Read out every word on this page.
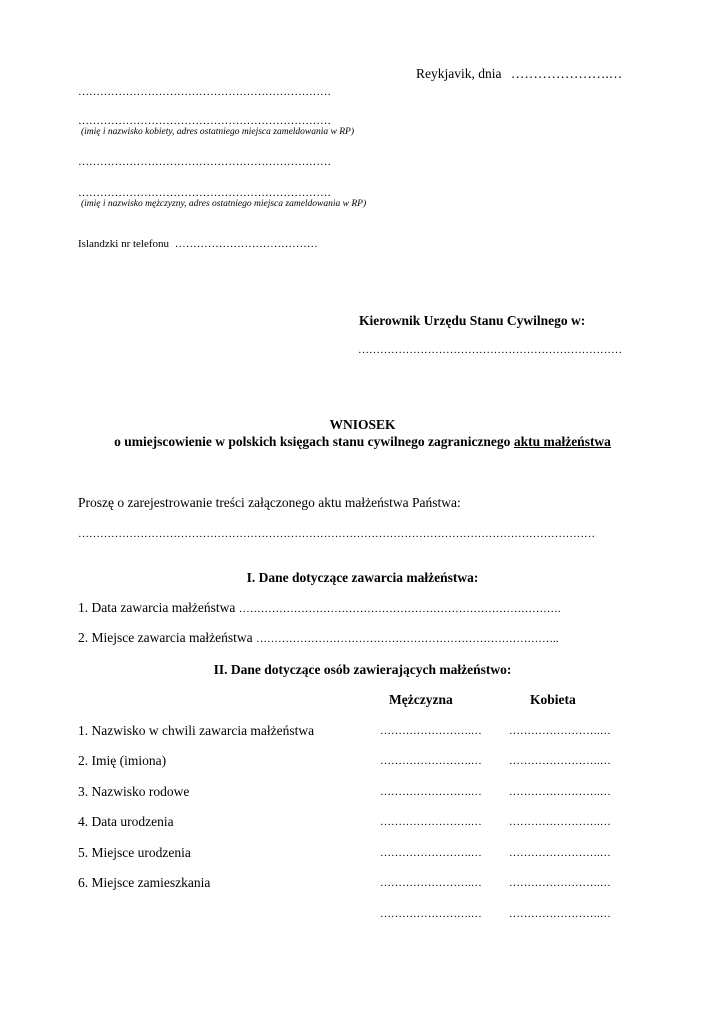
Reykjavik, dnia ………………….…
……………………………………………………………
……………………………………………………………
(imię i nazwisko kobiety, adres ostatniego miejsca zameldowania w RP)
……………………………………………………………
……………………………………………………………
(imię i nazwisko mężczyzny, adres ostatniego miejsca zameldowania w RP)
Islandzki nr telefonu …………………………………
Kierownik Urzędu Stanu Cywilnego w:
………………………………………………………………
WNIOSEK
o umiejscowienie w polskich księgach stanu cywilnego zagranicznego aktu małżeństwa
Proszę o zarejestrowanie treści załączonego aktu małżeństwa Państwa:
……………………………………………………………………………………………………………………………
I. Dane dotyczące zawarcia małżeństwa:
1. Data zawarcia małżeństwa …………………………………………………………………………….
2. Miejsce zawarcia małżeństwa ………………………………………………………………………..
II. Dane dotyczące osób zawierających małżeństwo:
Mężczyzna	Kobieta
1. Nazwisko w chwili zawarcia małżeństwa	…………………….… …………………….…
2. Imię (imiona)	…………………….… …………………….…
3. Nazwisko rodowe	…………………….… …………………….…
4. Data urodzenia	…………………….… …………………….…
5. Miejsce urodzenia	…………………….… …………………….…
6. Miejsce zamieszkania	…………………….… …………………….…
…………………….… …………………….…
